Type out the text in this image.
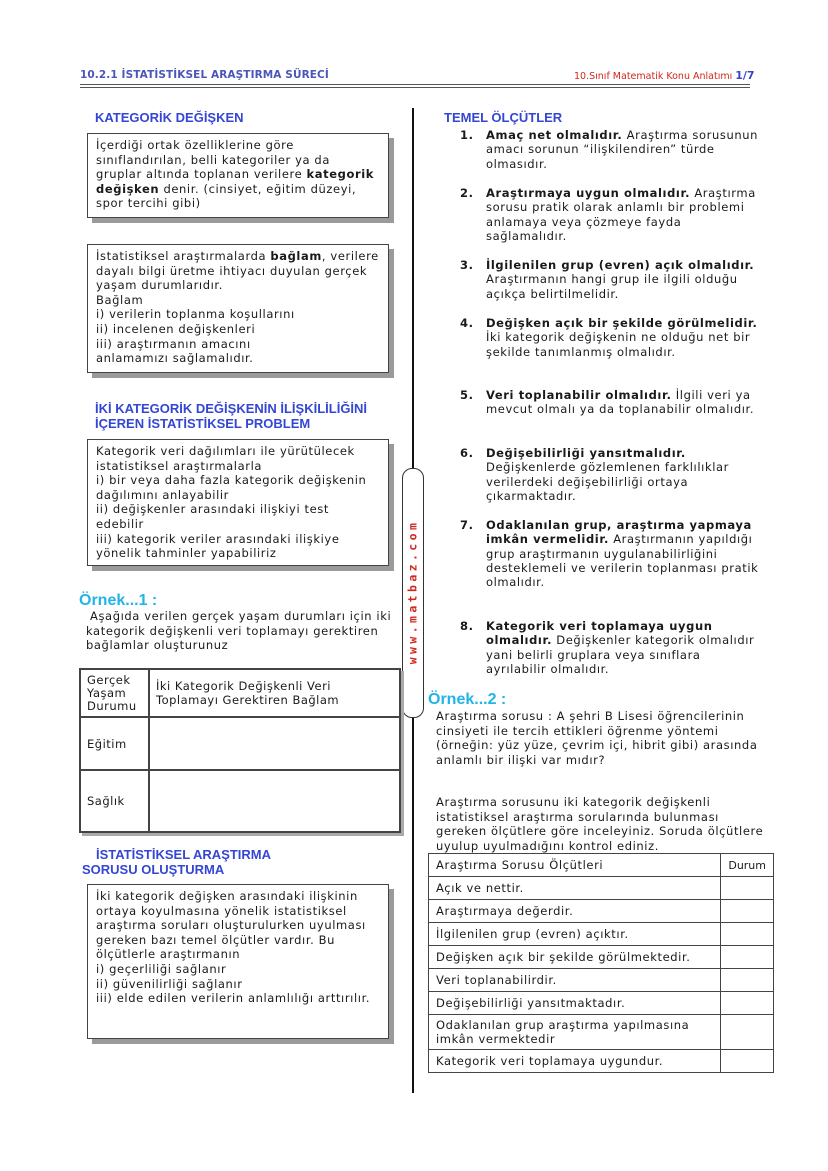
10.2.1 İSTATİSTİKSEL ARAŞTIRMA SÜRECİ	10.Sınıf Matematik Konu Anlatımı 1/7
www.matbaz.com
KATEGORİK DEĞİŞKEN

İçerdiği ortak özelliklerine göre sınıflandırılan, belli kategoriler ya da gruplar altında toplanan verilere kategorik değişken denir. (cinsiyet, eğitim düzeyi, spor tercihi gibi)

İstatistiksel araştırmalarda bağlam, verilere dayalı bilgi üretme ihtiyacı duyulan gerçek yaşam durumlarıdır.

Bağlam

i) verilerin toplanma koşullarını

ii) incelenen değişkenleri

iii) araştırmanın amacını

anlamamızı sağlamalıdır.

İKİ KATEGORİK DEĞİŞKENİN İLİŞKİLİLİĞİNİ
İÇEREN İSTATİSTİKSEL PROBLEM

Kategorik veri dağılımları ile yürütülecek istatistiksel araştırmalarla

i) bir veya daha fazla kategorik değişkenin dağılımını anlayabilir

ii) değişkenler arasındaki ilişkiyi test edebilir

iii) kategorik veriler arasındaki ilişkiye yönelik tahminler yapabiliriz

Örnek...1 :
Aşağıda verilen gerçek yaşam durumları için iki kategorik değişkenli veri toplamayı gerektiren bağlamlar oluşturunuz
Gerçek Yaşam Durumu	İki Kategorik Değişkenli Veri Toplamayı Gerektiren Bağlam
Eğitim	
Sağlık	
İSTATİSTİKSEL ARAŞTIRMA
SORUSU OLUŞTURMA

İki kategorik değişken arasındaki ilişkinin ortaya koyulmasına yönelik istatistiksel araştırma soruları oluşturulurken uyulması gereken bazı temel ölçütler vardır. Bu ölçütlerle araştırmanın

i) geçerliliği sağlanır

ii) güvenilirliği sağlanır

iii) elde edilen verilerin anlamlılığı arttırılır.

TEMEL ÖLÇÜTLER
1. Amaç net olmalıdır. Araştırma sorusunun amacı sorunun “ilişkilendiren” türde olmasıdır.
2. Araştırmaya uygun olmalıdır. Araştırma sorusu pratik olarak anlamlı bir problemi anlamaya veya çözmeye fayda sağlamalıdır.
3. İlgilenilen grup (evren) açık olmalıdır. Araştırmanın hangi grup ile ilgili olduğu açıkça belirtilmelidir.
4. Değişken açık bir şekilde görülmelidir. İki kategorik değişkenin ne olduğu net bir şekilde tanımlanmış olmalıdır.
5. Veri toplanabilir olmalıdır. İlgili veri ya mevcut olmalı ya da toplanabilir olmalıdır.
6. Değişebilirliği yansıtmalıdır. Değişkenlerde gözlemlenen farklılıklar verilerdeki değişebilirliği ortaya çıkarmaktadır.
7. Odaklanılan grup, araştırma yapmaya imkân vermelidir. Araştırmanın yapıldığı grup araştırmanın uygulanabilirliğini desteklemeli ve verilerin toplanması pratik olmalıdır.
8. Kategorik veri toplamaya uygun olmalıdır. Değişkenler kategorik olmalıdır yani belirli gruplara veya sınıflara ayrılabilir olmalıdır.
Örnek...2 :
Araştırma sorusu : A şehri B Lisesi öğrencilerinin cinsiyeti ile tercih ettikleri öğrenme yöntemi (örneğin: yüz yüze, çevrim içi, hibrit gibi) arasında anlamlı bir ilişki var mıdır?
Araştırma sorusunu iki kategorik değişkenli istatistiksel araştırma sorularında bulunması gereken ölçütlere göre inceleyiniz. Soruda ölçütlere uyulup uyulmadığını kontrol ediniz.
Araştırma Sorusu Ölçütleri	Durum
Açık ve nettir.	
Araştırmaya değerdir.	
İlgilenilen grup (evren) açıktır.	
Değişken açık bir şekilde görülmektedir.	
Veri toplanabilirdir.	
Değişebilirliği yansıtmaktadır.	
Odaklanılan grup araştırma yapılmasına imkân vermektedir	
Kategorik veri toplamaya uygundur.	
